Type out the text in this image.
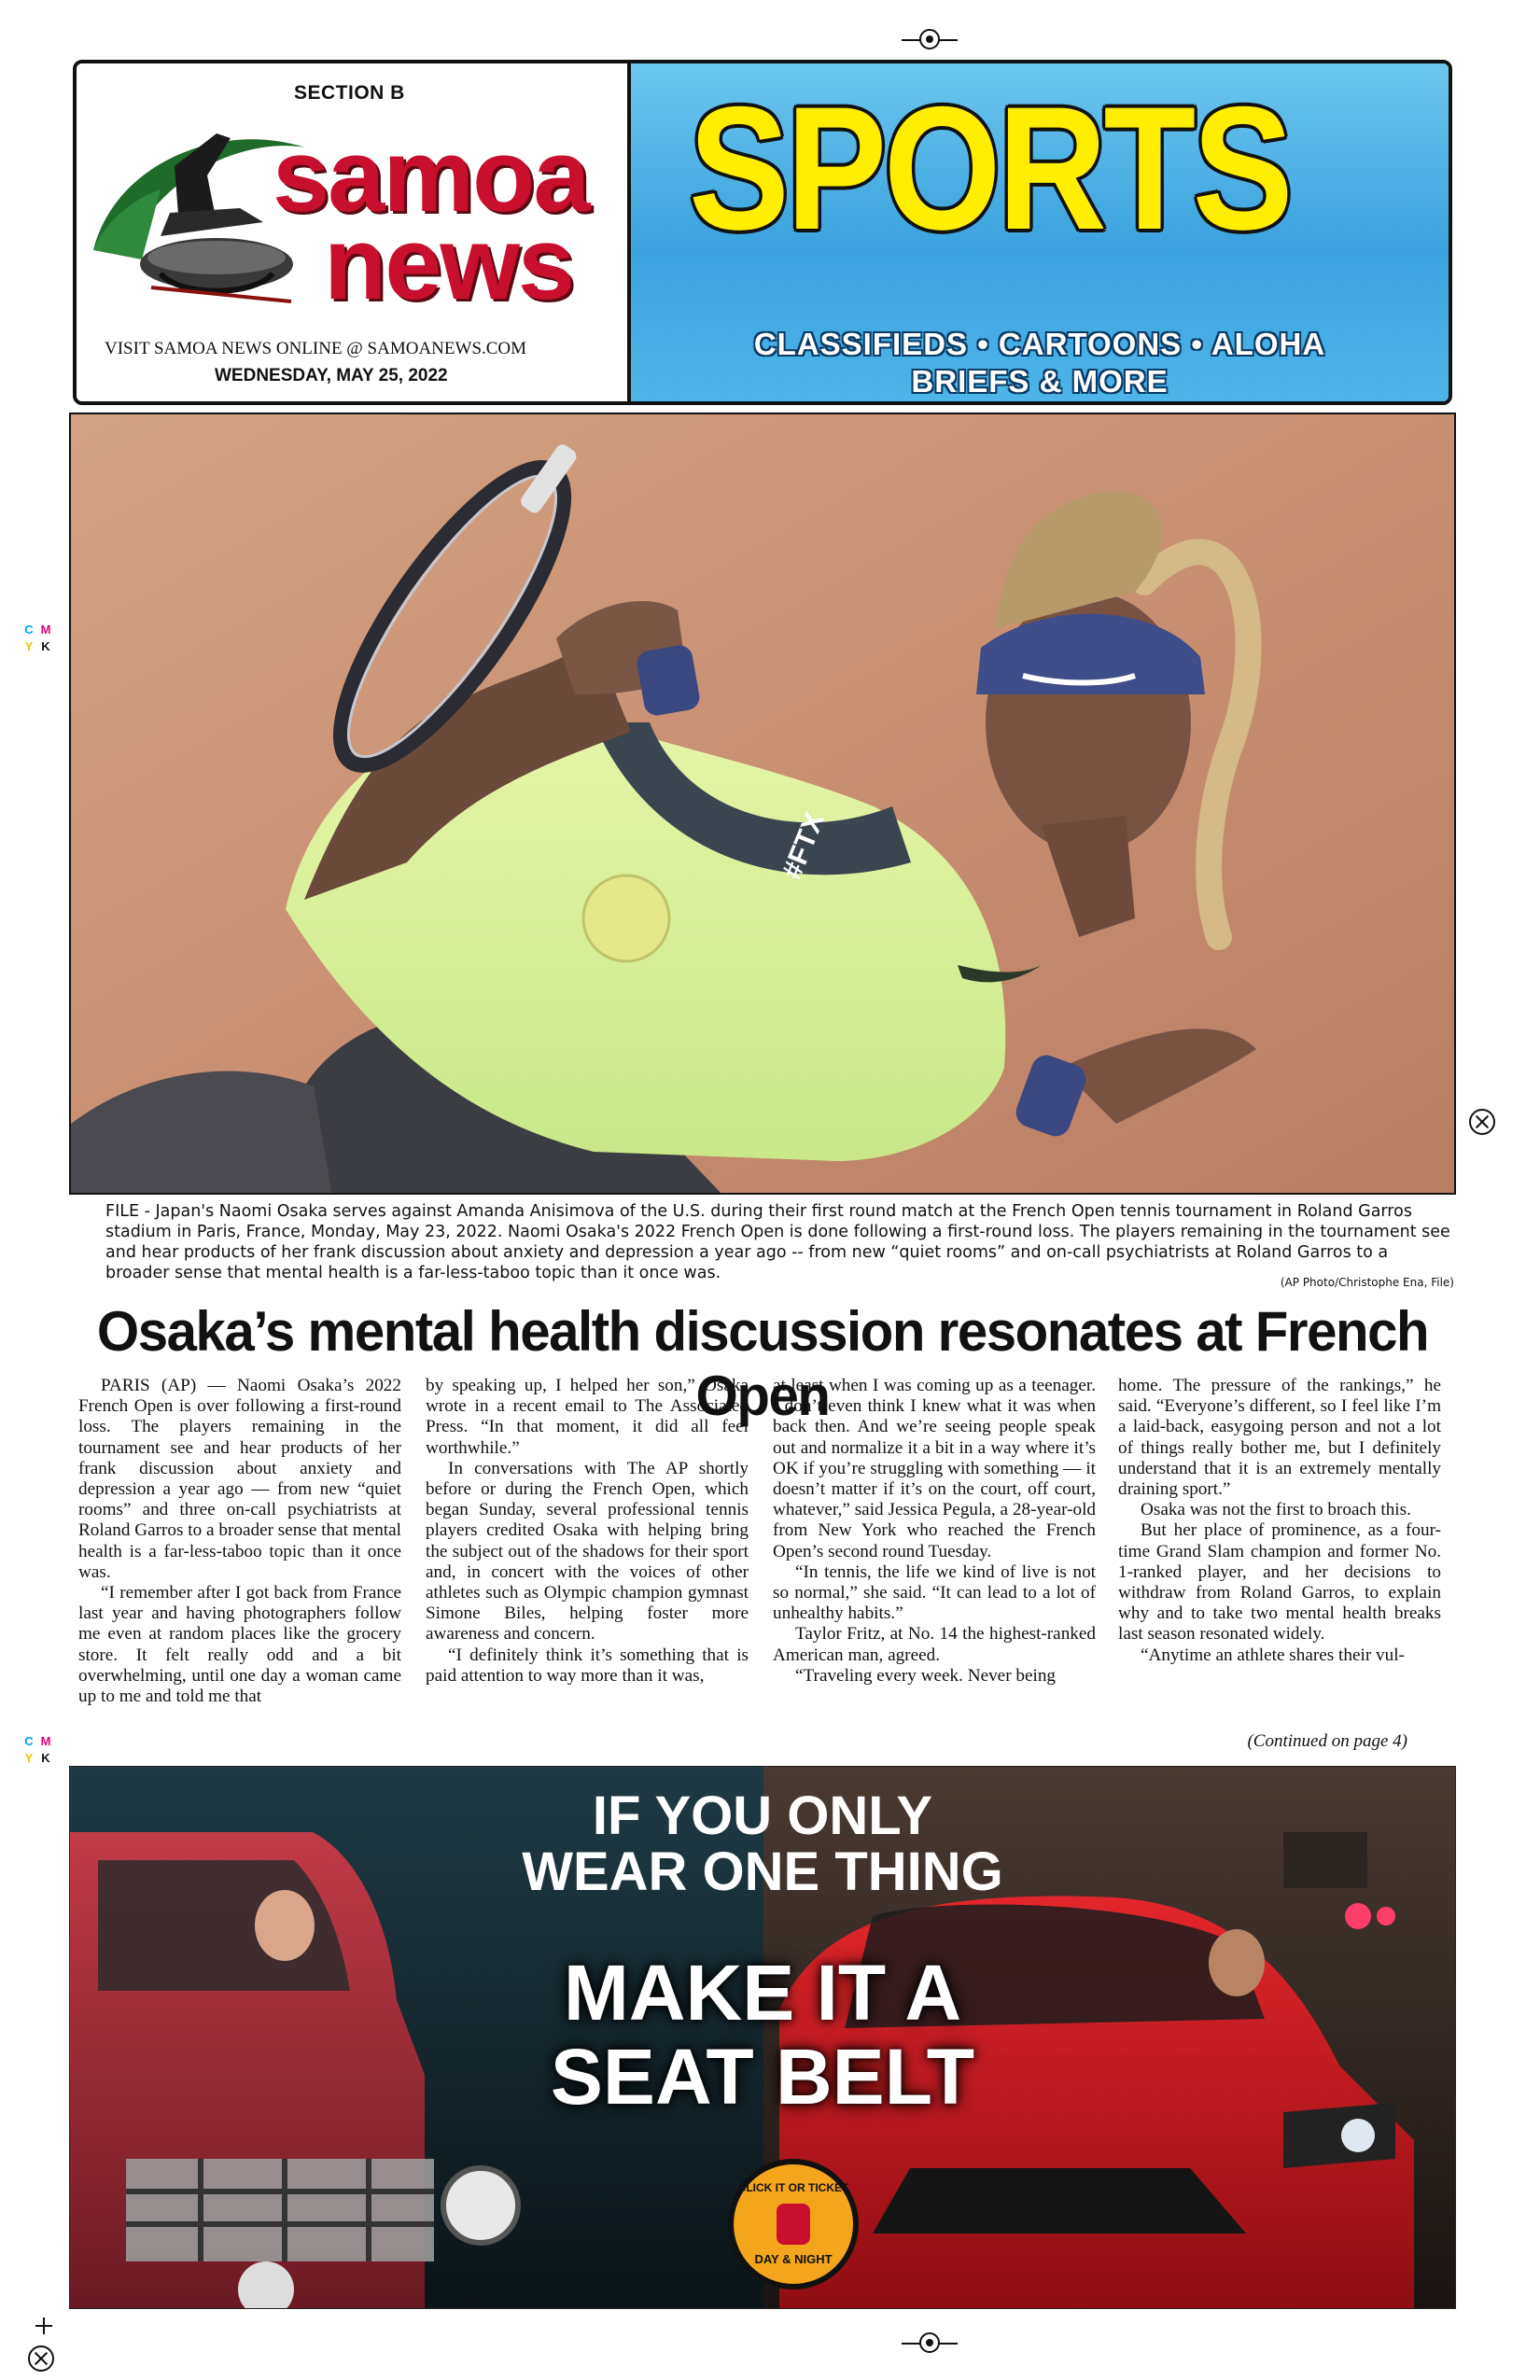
C M
Y K
C M
Y K
SECTION B
samoa
news
VISIT SAMOA NEWS ONLINE @ SAMOANEWS.COM
WEDNESDAY, MAY 25, 2022
SPORTS
CLASSIFIEDS • CARTOONS • ALOHA
BRIEFS & MORE
#FTX
FILE - Japan's Naomi Osaka serves against Amanda Anisimova of the U.S. during their first round match at the French Open tennis tournament in Roland Garros stadium in Paris, France, Monday, May 23, 2022. Naomi Osaka's 2022 French Open is done following a first-round loss. The players remaining in the tournament see and hear products of her frank discussion about anxiety and depression a year ago -- from new “quiet rooms” and on-call psychiatrists at Roland Garros to a broader sense that mental health is a far-less-taboo topic than it once was.	(AP Photo/Christophe Ena, File)
Osaka’s mental health discussion resonates at French Open

PARIS (AP) — Naomi Osaka’s 2022 French Open is over following a first-round loss. The players remaining in the tournament see and hear products of her frank discussion about anxiety and depression a year ago — from new “quiet rooms” and three on-call psychiatrists at Roland Garros to a broader sense that mental health is a far-less-taboo topic than it once was.

“I remember after I got back from France last year and having photographers follow me even at random places like the grocery store. It felt really odd and a bit overwhelming, until one day a woman came up to me and told me that

by speaking up, I helped her son,” Osaka wrote in a recent email to The Associated Press. “In that moment, it did all feel worthwhile.”

In conversations with The AP shortly before or during the French Open, which began Sunday, several professional tennis players credited Osaka with helping bring the subject out of the shadows for their sport and, in concert with the voices of other athletes such as Olympic champion gymnast Simone Biles, helping foster more awareness and concern.

“I definitely think it’s something that is paid attention to way more than it was,

at least when I was coming up as a teenager. I don’t even think I knew what it was when back then. And we’re seeing people speak out and normalize it a bit in a way where it’s OK if you’re struggling with something — it doesn’t matter if it’s on the court, off court, whatever,” said Jessica Pegula, a 28-year-old from New York who reached the French Open’s second round Tuesday.

“In tennis, the life we kind of live is not so normal,” she said. “It can lead to a lot of unhealthy habits.”

Taylor Fritz, at No. 14 the highest-ranked American man, agreed.

“Traveling every week. Never being

home. The pressure of the rankings,” he said. “Everyone’s different, so I feel like I’m a laid-back, easygoing person and not a lot of things really bother me, but I definitely understand that it is an extremely mentally draining sport.”

Osaka was not the first to broach this.

But her place of prominence, as a four-time Grand Slam champion and former No. 1-ranked player, and her decisions to withdraw from Roland Garros, to explain why and to take two mental health breaks last season resonated widely.

“Anytime an athlete shares their vul-

(Continued on page 4)
IF YOU ONLY
WEAR ONE THING
MAKE IT A
SEAT BELT
CLICK IT OR TICKET
DAY & NIGHT
